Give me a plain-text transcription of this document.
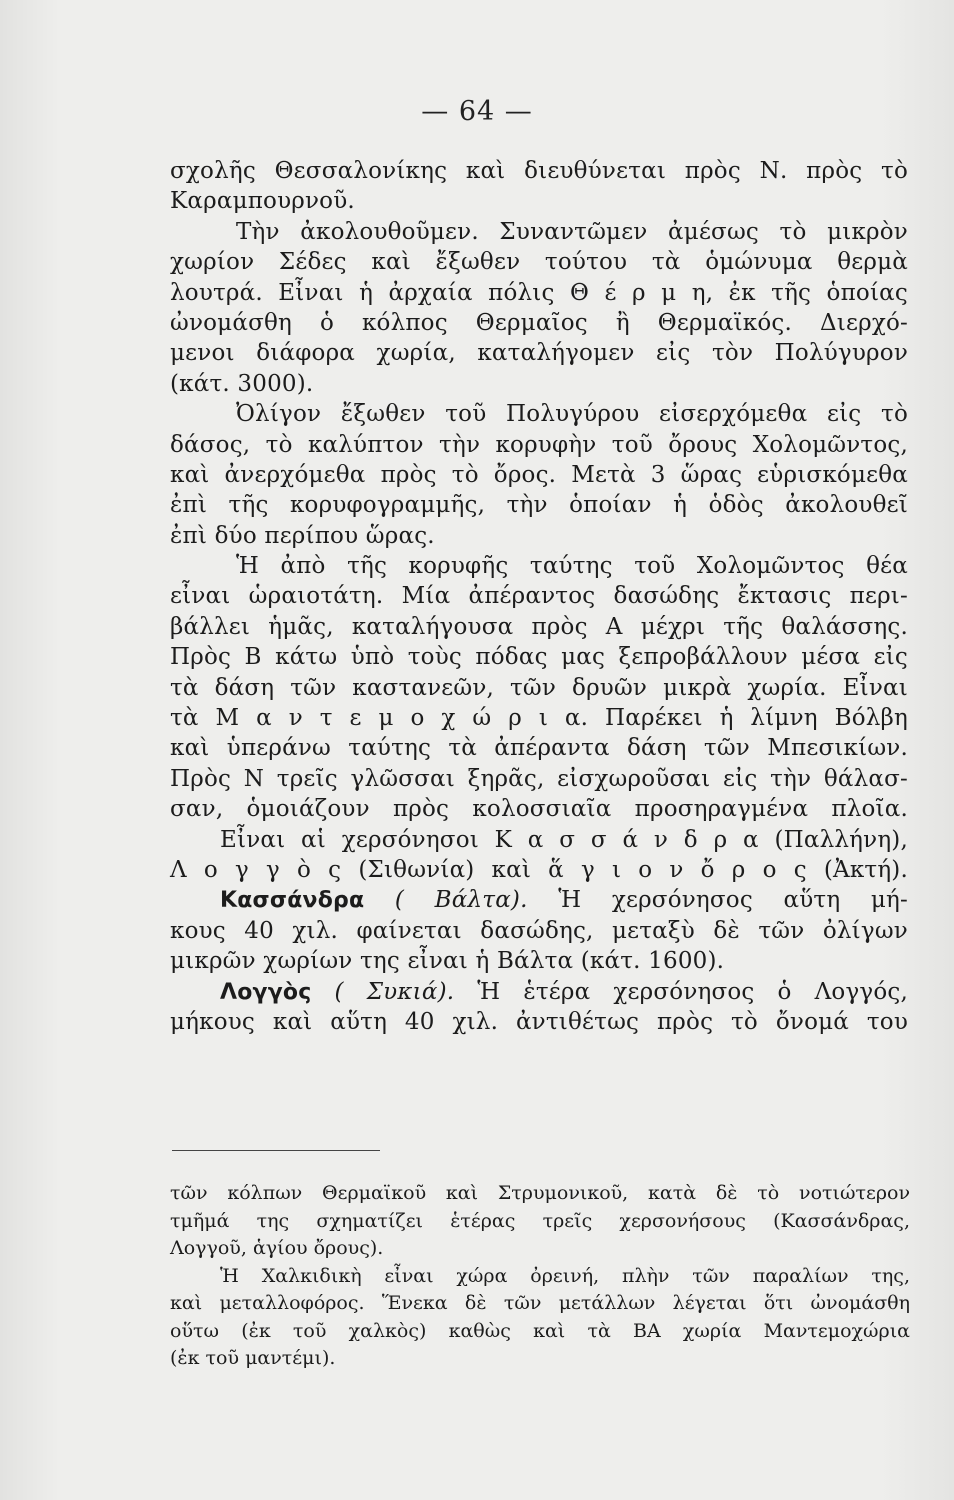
— 64 —
σχολῆς Θεσσαλονίκης καὶ διευθύνεται πρὸς Ν. πρὸς τὸ
Καραμπουρνοῦ.
Τὴν ἀκολουθοῦμεν. Συναντῶμεν ἀμέσως τὸ μικρὸν
χωρίον Σέδες καὶ ἔξωθεν τούτου τὰ ὁμώνυμα θερμὰ
λουτρά. Εἶναι ἡ ἀρχαία πόλις Θ έ ρ μ η, ἐκ τῆς ὁποίας
ὠνομάσθη ὁ κόλπος Θερμαῖος ἢ Θερμαϊκός. Διερχό-
μενοι διάφορα χωρία, καταλήγομεν εἰς τὸν Πολύγυρον
(κάτ. 3000).
Ὀλίγον ἔξωθεν τοῦ Πολυγύρου εἰσερχόμεθα εἰς τὸ
δάσος, τὸ καλύπτον τὴν κορυφὴν τοῦ ὄρους Χολομῶντος,
καὶ ἀνερχόμεθα πρὸς τὸ ὄρος. Μετὰ 3 ὥρας εὑρισκόμεθα
ἐπὶ τῆς κορυφογραμμῆς, τὴν ὁποίαν ἡ ὁδὸς ἀκολουθεῖ
ἐπὶ δύο περίπου ὥρας.
Ἡ ἀπὸ τῆς κορυφῆς ταύτης τοῦ Χολομῶντος θέα
εἶναι ὡραιοτάτη. Μία ἀπέραντος δασώδης ἔκτασις περι-
βάλλει ἡμᾶς, καταλήγουσα πρὸς Α μέχρι τῆς θαλάσσης.
Πρὸς Β κάτω ὑπὸ τοὺς πόδας μας ξεπροβάλλουν μέσα εἰς
τὰ δάση τῶν καστανεῶν, τῶν δρυῶν μικρὰ χωρία. Εἶναι
τὰ Μ α ν τ ε μ ο χ ώ ρ ι α. Παρέκει ἡ λίμνη Βόλβη
καὶ ὑπεράνω ταύτης τὰ ἀπέραντα δάση τῶν Μπεσικίων.
Πρὸς Ν τρεῖς γλῶσσαι ξηρᾶς, εἰσχωροῦσαι εἰς τὴν θάλασ-
σαν, ὁμοιάζουν πρὸς κολοσσιαῖα προσηραγμένα πλοῖα.
Εἶναι αἱ χερσόνησοι Κ α σ σ ά ν δ ρ α (Παλλήνη),
Λ ο γ γ ὸ ς (Σιθωνία) καὶ ἅ γ ι ο ν ὄ ρ ο ς (Ἀκτή).
Κασσάνδρα ( Βάλτα). Ἡ χερσόνησος αὕτη μή-
κους 40 χιλ. φαίνεται δασώδης, μεταξὺ δὲ τῶν ὀλίγων
μικρῶν χωρίων της εἶναι ἡ Βάλτα (κάτ. 1600).
Λογγὸς ( Συκιά). Ἡ ἑτέρα χερσόνησος ὁ Λογγός,
μήκους καὶ αὕτη 40 χιλ. ἀντιθέτως πρὸς τὸ ὄνομά του
τῶν κόλπων Θερμαϊκοῦ καὶ Στρυμονικοῦ, κατὰ δὲ τὸ νοτιώτερον
τμῆμά της σχηματίζει ἑτέρας τρεῖς χερσονήσους (Κασσάνδρας,
Λογγοῦ, ἁγίου ὄρους).
Ἡ Χαλκιδικὴ εἶναι χώρα ὀρεινή, πλὴν τῶν παραλίων της,
καὶ μεταλλοφόρος. Ἕνεκα δὲ τῶν μετάλλων λέγεται ὅτι ὠνομάσθη
οὕτω (ἐκ τοῦ χαλκὸς) καθὼς καὶ τὰ ΒΑ χωρία Μαντεμοχώρια
(ἐκ τοῦ μαντέμι).
